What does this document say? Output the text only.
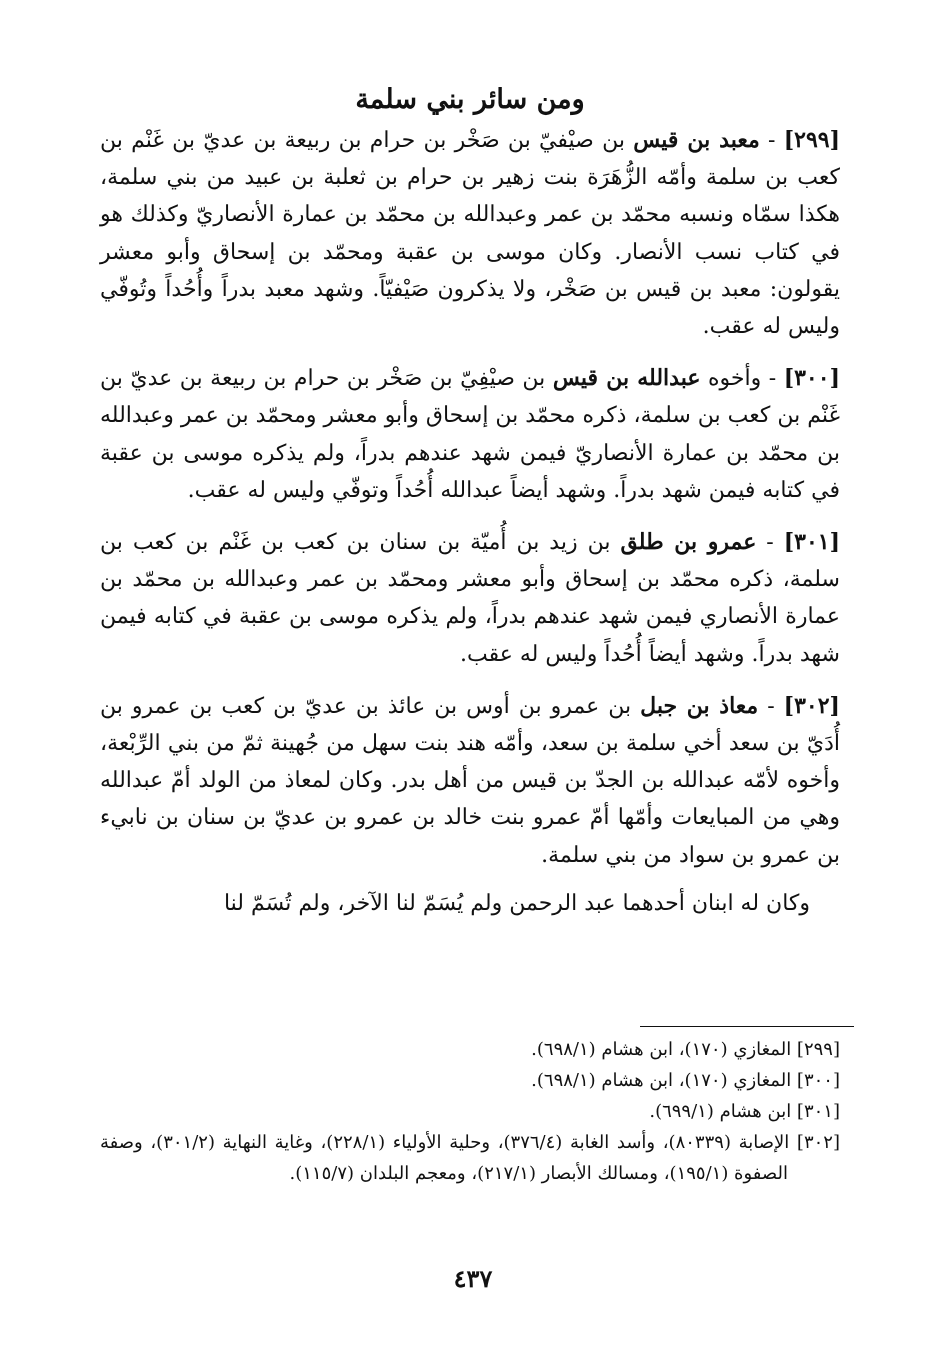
ومن سائر بني سلمة

[٢٩٩] - معبد بن قيس بن صيْفيّ بن صَخْر بن حرام بن ربيعة بن عديّ بن غَنْم بن كعب بن سلمة وأمّه الزُّهَرَة بنت زهير بن حرام بن ثعلبة بن عبيد من بني سلمة، هكذا سمّاه ونسبه محمّد بن عمر وعبدالله بن محمّد بن عمارة الأنصاريّ وكذلك هو في كتاب نسب الأنصار. وكان موسى بن عقبة ومحمّد بن إسحاق وأبو معشر يقولون: معبد بن قيس بن صَخْر، ولا يذكرون صَيْفيّاً. وشهد معبد بدراً وأُحُداً وتُوفّي وليس له عقب.

[٣٠٠] - وأخوه عبدالله بن قيس بن صيْفِيّ بن صَخْر بن حرام بن ربيعة بن عديّ بن غَنْم بن كعب بن سلمة، ذكره محمّد بن إسحاق وأبو معشر ومحمّد بن عمر وعبدالله بن محمّد بن عمارة الأنصاريّ فيمن شهد عندهم بدراً، ولم يذكره موسى بن عقبة في كتابه فيمن شهد بدراً. وشهد أيضاً عبدالله أُحُداً وتوفّي وليس له عقب.

[٣٠١] - عمرو بن طلق بن زيد بن أُميّة بن سنان بن كعب بن غَنْم بن كعب بن سلمة، ذكره محمّد بن إسحاق وأبو معشر ومحمّد بن عمر وعبدالله بن محمّد بن عمارة الأنصاري فيمن شهد عندهم بدراً، ولم يذكره موسى بن عقبة في كتابه فيمن شهد بدراً. وشهد أيضاً أُحُداً وليس له عقب.

[٣٠٢] - معاذ بن جبل بن عمرو بن أوس بن عائذ بن عديّ بن كعب بن عمرو بن أُدَيّ بن سعد أخي سلمة بن سعد، وأمّه هند بنت سهل من جُهينة ثمّ من بني الرِّبْعة، وأخوه لأمّه عبدالله بن الجدّ بن قيس من أهل بدر. وكان لمعاذ من الولد أمّ عبدالله وهي من المبايعات وأمّها أمّ عمرو بنت خالد بن عمرو بن عديّ بن سنان بن نابيء بن عمرو بن سواد من بني سلمة.

وكان له ابنان أحدهما عبد الرحمن ولم يُسَمّ لنا الآخر، ولم تُسَمّ لنا

[٢٩٩] المغازي (١٧٠)، ابن هشام (٦٩٨/١).

[٣٠٠] المغازي (١٧٠)، ابن هشام (٦٩٨/١).

[٣٠١] ابن هشام (٦٩٩/١).

[٣٠٢] الإصابة (٨٠٣٣٩)، وأسد الغابة (٣٧٦/٤)، وحلية الأولياء (٢٢٨/١)، وغاية النهاية (٣٠١/٢)، وصفة الصفوة (١٩٥/١)، ومسالك الأبصار (٢١٧/١)، ومعجم البلدان (١١٥/٧).

٤٣٧
